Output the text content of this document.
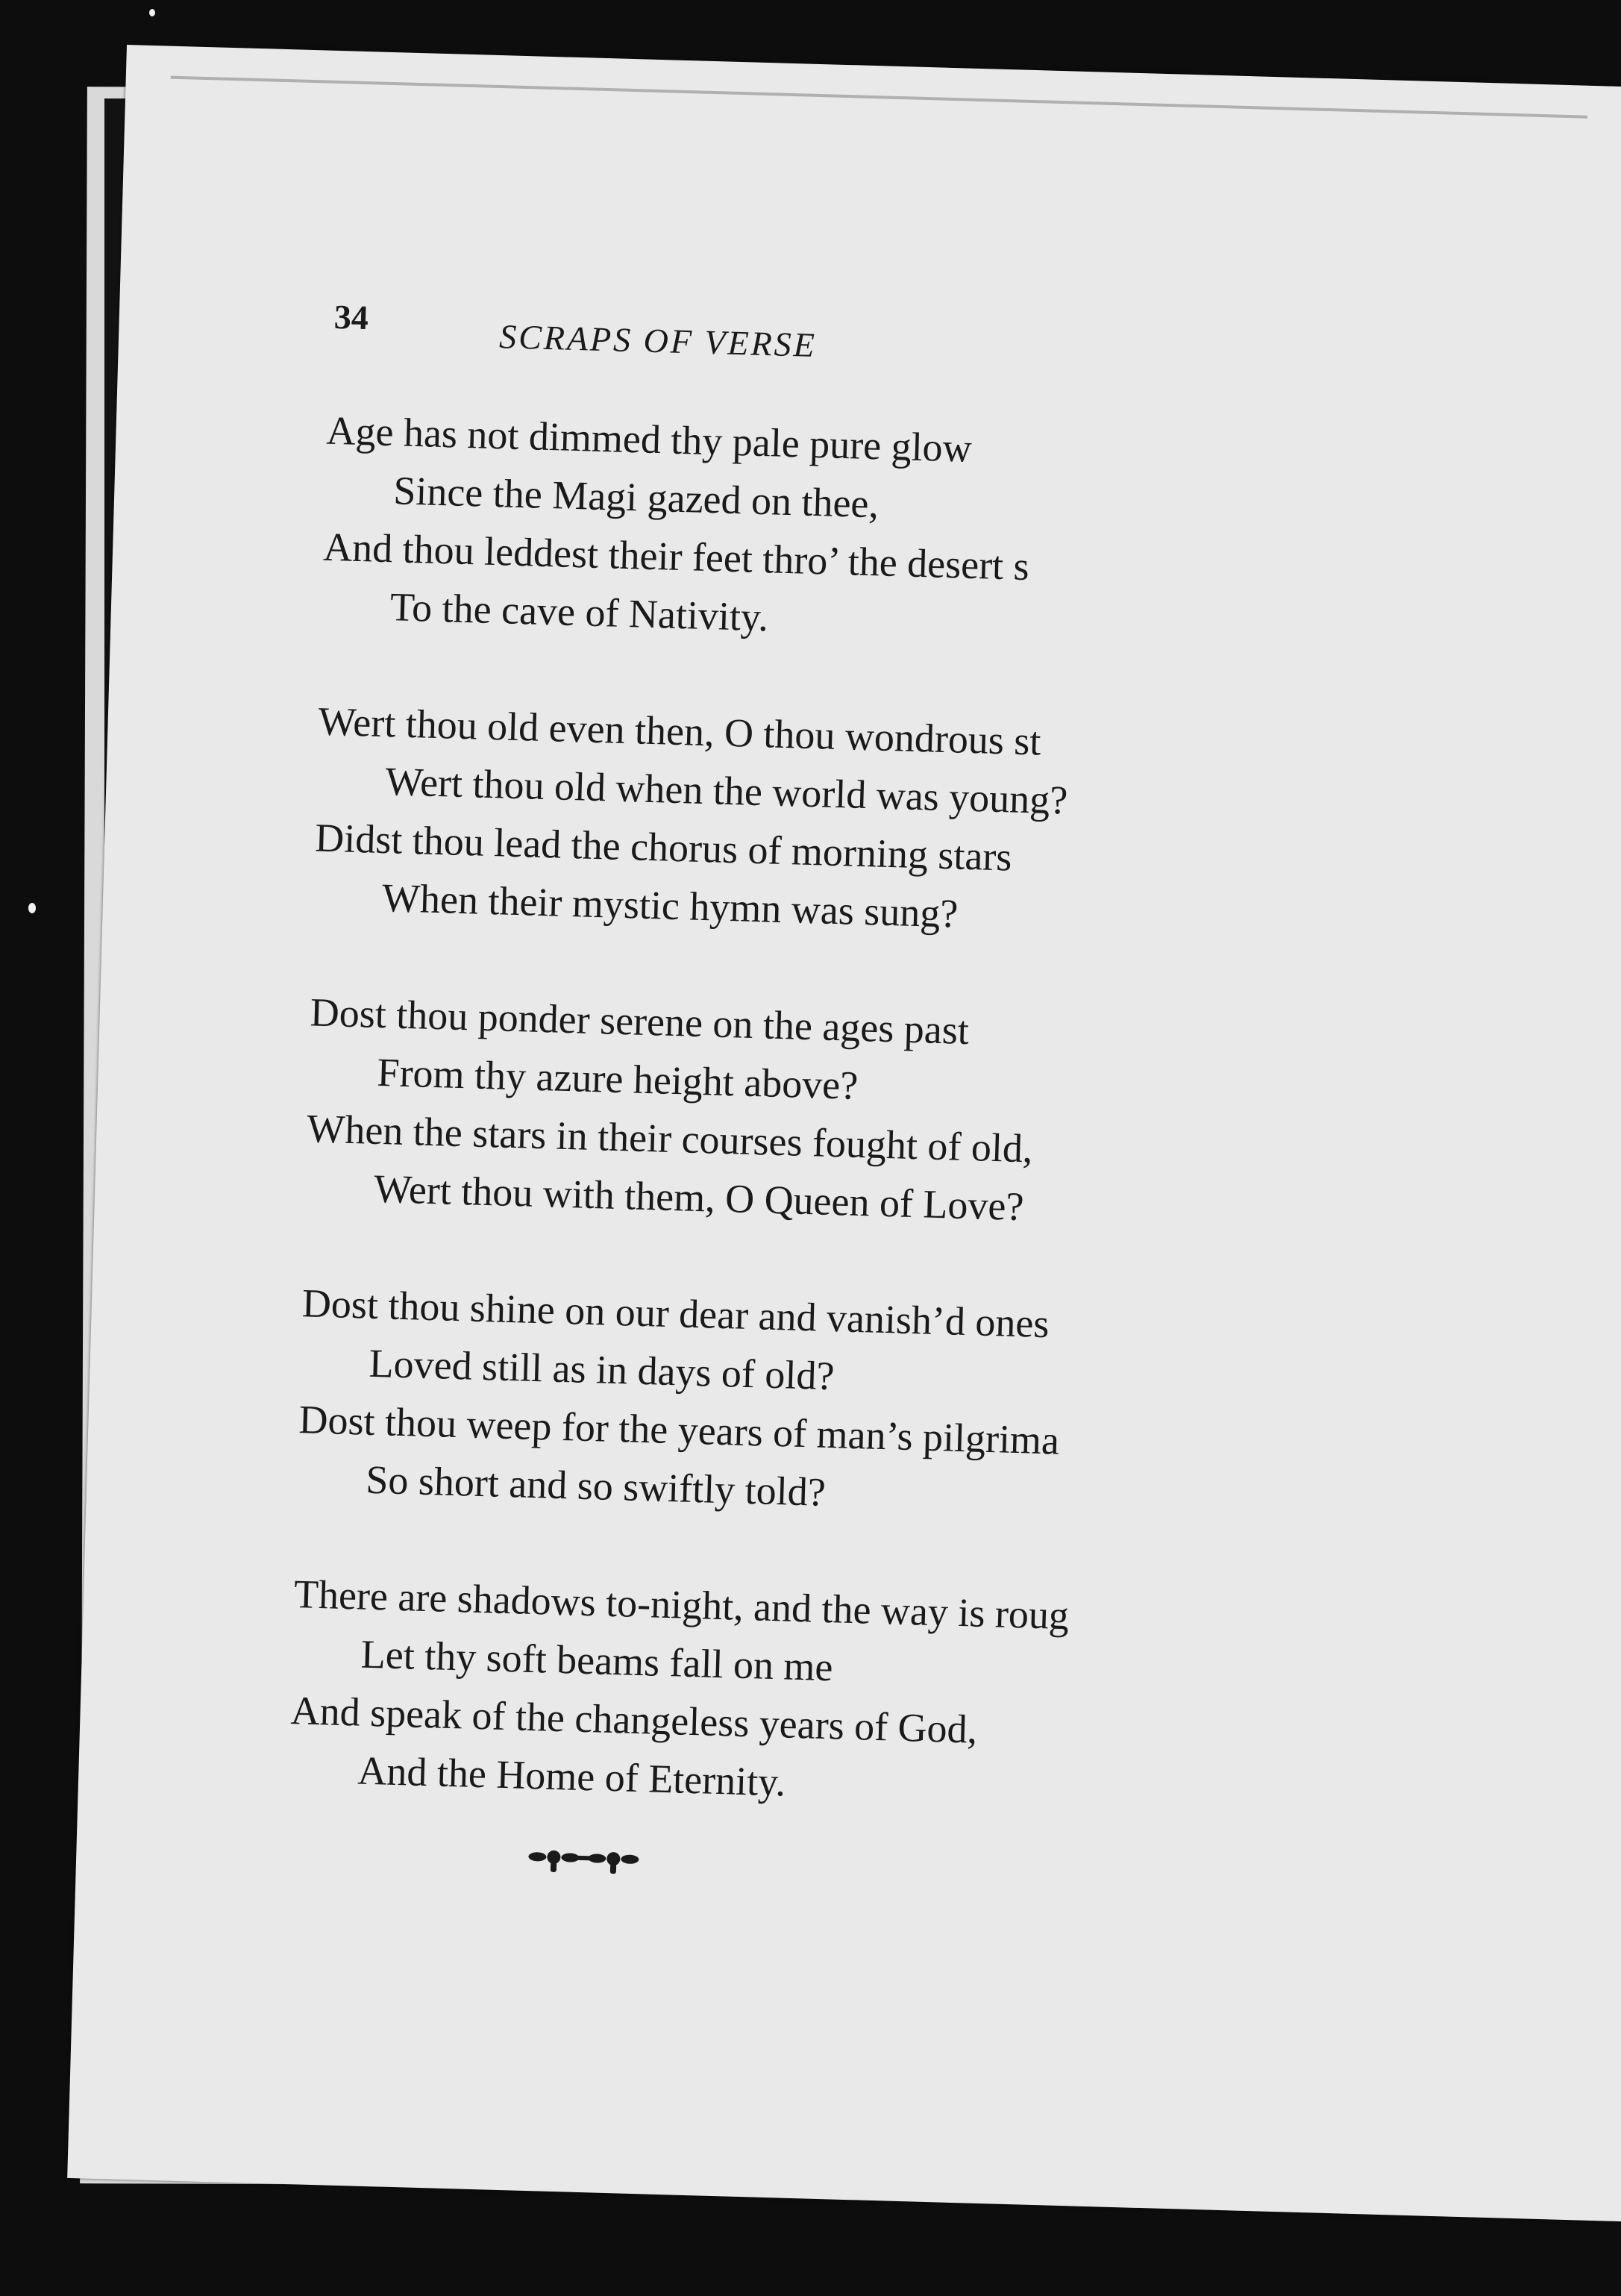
34
SCRAPS OF VERSE
Age has not dimmed thy pale pure glow
Since the Magi gazed on thee,
And thou leddest their feet thro’ the desert s
To the cave of Nativity.
Wert thou old even then, O thou wondrous st
Wert thou old when the world was young?
Didst thou lead the chorus of morning stars
When their mystic hymn was sung?
Dost thou ponder serene on the ages past
From thy azure height above?
When the stars in their courses fought of old,
Wert thou with them, O Queen of Love?
Dost thou shine on our dear and vanish’d ones
Loved still as in days of old?
Dost thou weep for the years of man’s pilgrima
So short and so swiftly told?
There are shadows to-night, and the way is roug
Let thy soft beams fall on me
And speak of the changeless years of God,
And the Home of Eternity.
